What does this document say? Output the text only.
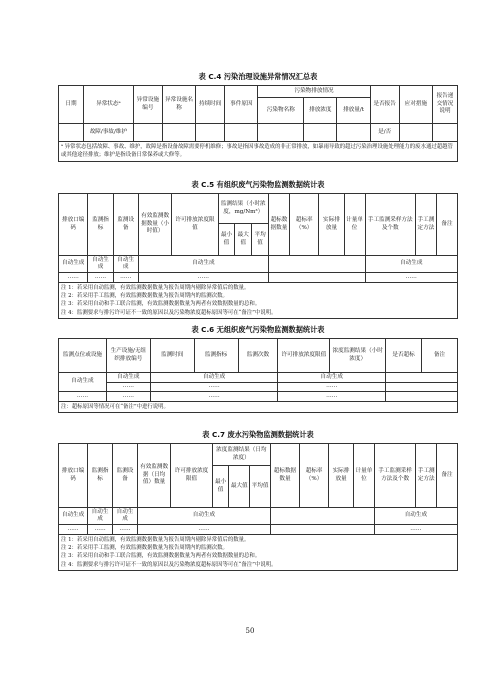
表 C.4 污染治理设施异常情况汇总表
日期	异常状态ᵃ	异常设施编号	异常设施名称	持续时间	事件原因	污染物排放情况			是否报告	应对措施	报告递交情况说明
						污染物名称	排放浓度	排放量/t			
	故障/事故/维护								是/否		
ᵃ 异常状态包括故障、事故、维护，故障是指设备故障需要停机维修；事故是指因事故造成的非正常排放，如暴雨导致的超过污染治理设施处理能力的废水通过超越管或其他途径排放；维护是指设备日常保养或大修等。
表 C.5 有组织废气污染物监测数据统计表
排放口编码	监测指标	监测设备	有效监测数据数量（小时值）	许可排放浓度限值	监测结果（小时浓度，mg/Nm³）			超标数据数量	超标率（%）	实际排放量	计量单位	手工监测采样方法及个数	手工测定方法	备注
					最小值	最大值	平均值							
自动生成	自动生成	自动生成	自动生成									自动生成		
……	……	……	……									……		
注 1：若采用自动监测，有效监测数据数量为报告周期内剔除异常值后的数量。
注 2：若采用手工监测，有效监测数据数量为报告周期内的监测次数。
注 3：若采用自动和手工联合监测，有效监测数据数量为两者有效数据数量的总和。
注 4：监测要求与排污许可证不一致的原因以及污染物浓度超标原因等可在“备注”中说明。
表 C.6 无组织废气污染物监测数据统计表
监测点位或设施	生产设施/无组织排放编号	监测时间	监测指标	监测次数	许可排放浓度限值	浓度监测结果（小时浓度）	是否超标	备注
自动生成	自动生成	自动生成			自动生成			
	……	……			……			
……	……	……			……			
注：超标原因等情况可在“备注”中进行说明。
表 C.7 废水污染物监测数据统计表
排放口编码	监测指标	监测设备	有效监测数据（日均值）数量	许可排放浓度限值	浓度监测结果（日均浓度）			超标数据数量	超标率（%）	实际排放量	计量单位	手工监测采样方法及个数	手工测定方法	备注
					最小值	最大值	平均值							
自动生成	自动生成	自动生成	自动生成									自动生成		
……	……	……	……									……		
注 1：若采用自动监测，有效监测数据数量为报告周期内剔除异常值后的数量。
注 2：若采用手工监测，有效监测数据数量为报告周期内的监测次数。
注 3：若采用自动和手工联合监测，有效监测数据数量为两者有效数据数量的总和。
注 4：监测要求与排污许可证不一致的原因以及污染物浓度超标原因等可在“备注”中说明。
50
